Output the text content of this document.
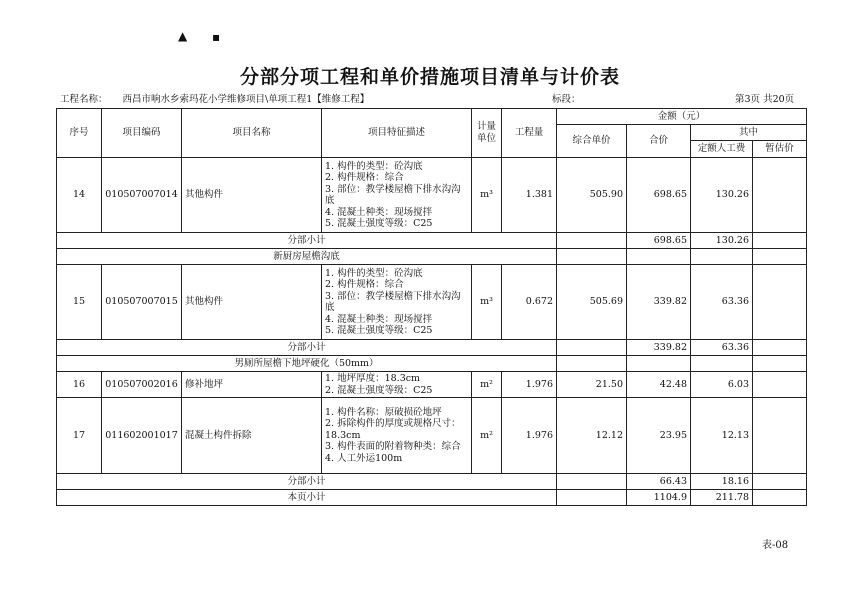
▲ ▪
分部分项工程和单价措施项目清单与计价表
工程名称： 西昌市响水乡索玛花小学维修项目\单项工程1【维修工程】	标段：	第3页 共20页
序号	项目编码	项目名称	项目特征描述	计量单位	工程量	金额（元）			
						综合单价	合价	其中	
								定额人工费	暂估价
14	010507007014	其他构件	1. 构件的类型：砼沟底
2. 构件规格：综合
3. 部位：教学楼屋檐下排水沟沟底
4. 混凝土种类：现场搅拌
5. 混凝土强度等级：C25	m³	1.381	505.90	698.65	130.26	
分部小计							698.65	130.26	
新厨房屋檐沟底									
15	010507007015	其他构件	1. 构件的类型：砼沟底
2. 构件规格：综合
3. 部位：教学楼屋檐下排水沟沟底
4. 混凝土种类：现场搅拌
5. 混凝土强度等级：C25	m³	0.672	505.69	339.82	63.36	
分部小计							339.82	63.36	
男厕所屋檐下地坪硬化（50mm）									
16	010507002016	修补地坪	1. 地坪厚度：18.3cm
2. 混凝土强度等级：C25	m²	1.976	21.50	42.48	6.03	
17	011602001017	混凝土构件拆除	1. 构件名称：原破损砼地坪
2. 拆除构件的厚度或规格尺寸：18.3cm
3. 构件表面的附着物种类：综合
4. 人工外运100m	m²	1.976	12.12	23.95	12.13	
分部小计							66.43	18.16	
本页小计							1104.9	211.78	
表-08
